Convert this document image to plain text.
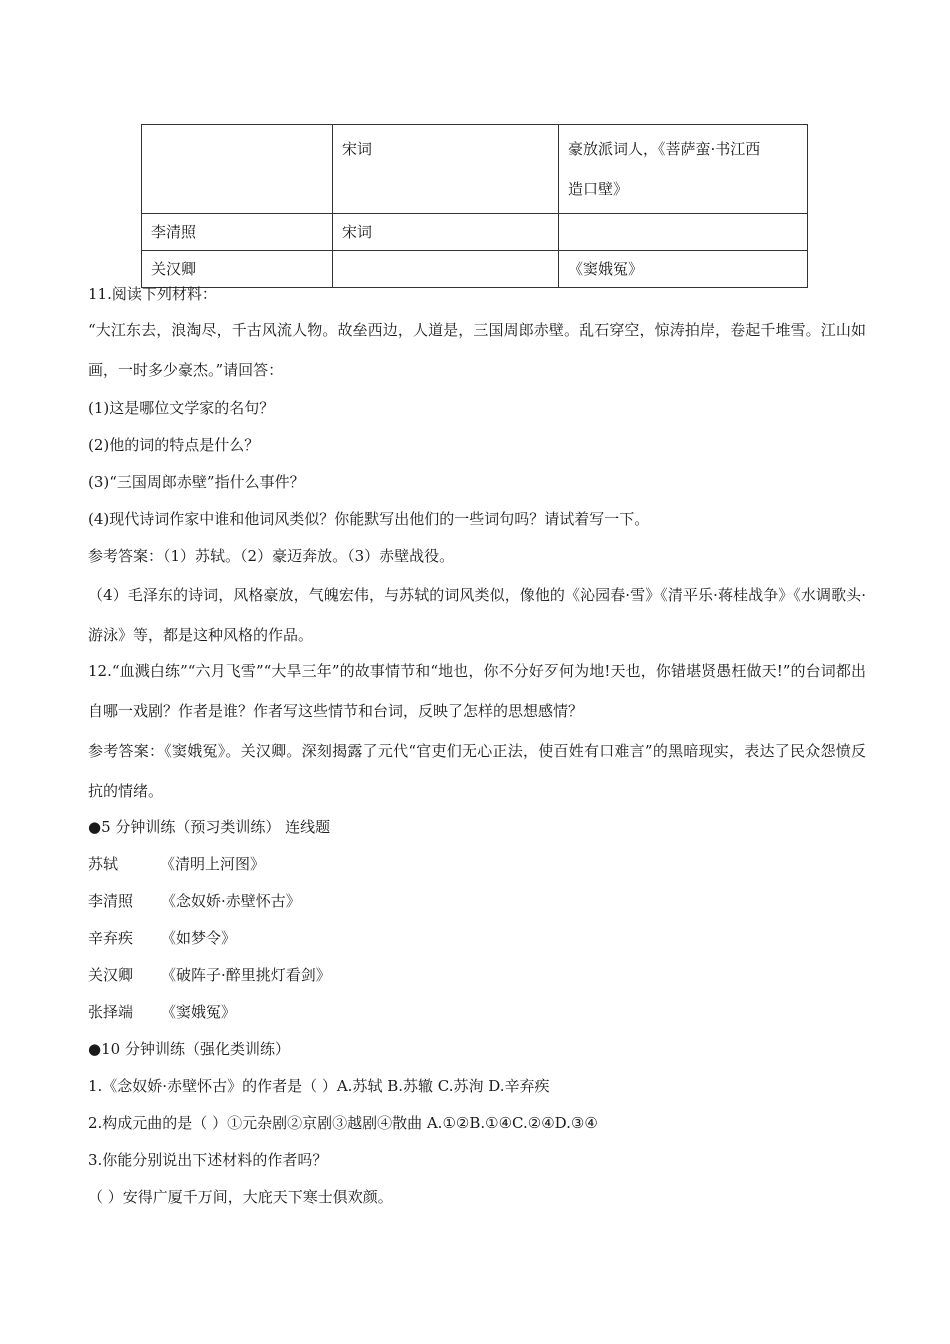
	宋词	豪放派词人，《菩萨蛮·书江西
造口壁》
李清照	宋词	
关汉卿		《窦娥冤》
11.阅读下列材料：
“大江东去，浪淘尽，千古风流人物。故垒西边，人道是，三国周郎赤壁。乱石穿空，惊涛拍岸，卷起千堆雪。江山如画，一时多少豪杰。”请回答：
(1)这是哪位文学家的名句？
(2)他的词的特点是什么？
(3)“三国周郎赤壁”指什么事件？
(4)现代诗词作家中谁和他词风类似？你能默写出他们的一些词句吗？请试着写一下。
参考答案：（1）苏轼。（2）豪迈奔放。（3）赤壁战役。
（4）毛泽东的诗词，风格豪放，气魄宏伟，与苏轼的词风类似，像他的《沁园春·雪》《清平乐·蒋桂战争》《水调歌头·游泳》等，都是这种风格的作品。
12.“血溅白练”“六月飞雪”“大旱三年”的故事情节和“地也，你不分好歹何为地!天也，你错堪贤愚枉做天!”的台词都出自哪一戏剧？作者是谁？作者写这些情节和台词，反映了怎样的思想感情？
参考答案：《窦娥冤》。关汉卿。深刻揭露了元代“官吏们无心正法，使百姓有口难言”的黑暗现实，表达了民众怨愤反抗的情绪。
●5 分钟训练（预习类训练） 连线题
苏轼	《清明上河图》
李清照 《念奴娇·赤壁怀古》
辛弃疾 《如梦令》
关汉卿 《破阵子·醉里挑灯看剑》
张择端 《窦娥冤》
●10 分钟训练（强化类训练）
1.《念奴娇·赤壁怀古》的作者是（ ）A.苏轼 B.苏辙 C.苏洵 D.辛弃疾
2.构成元曲的是（ ）①元杂剧②京剧③越剧④散曲 A.①②B.①④C.②④D.③④
3.你能分别说出下述材料的作者吗？
（ ）安得广厦千万间，大庇天下寒士俱欢颜。
